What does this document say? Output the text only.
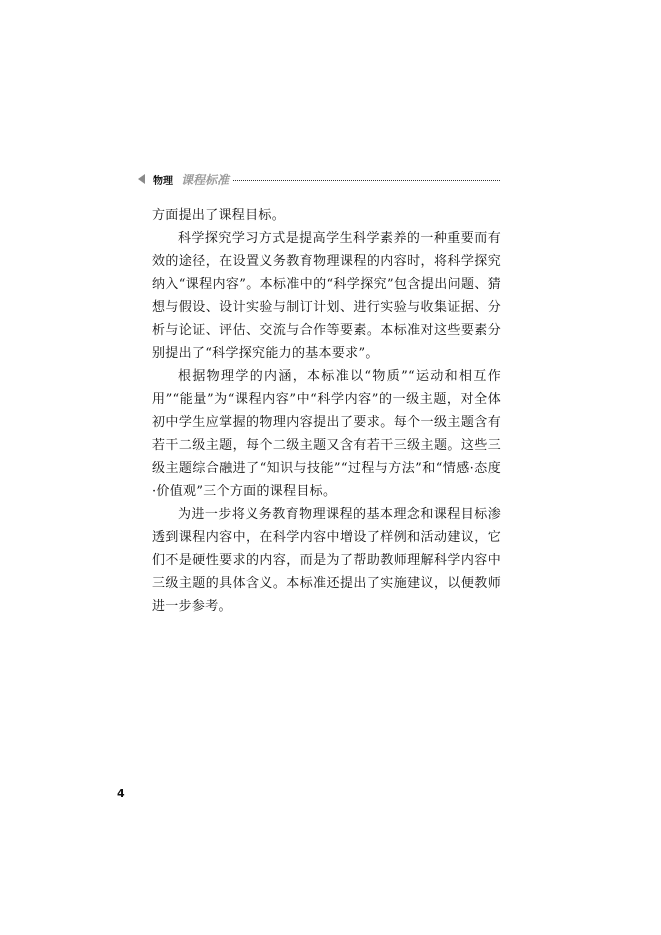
物理 课程标准

方面提出了课程目标。

科学探究学习方式是提高学生科学素养的一种重要而有效的途径，在设置义务教育物理课程的内容时，将科学探究纳入“课程内容”。本标准中的“科学探究”包含提出问题、猜想与假设、设计实验与制订计划、进行实验与收集证据、分析与论证、评估、交流与合作等要素。本标准对这些要素分别提出了“科学探究能力的基本要求”。

根据物理学的内涵，本标准以“物质”“运动和相互作用”“能量”为“课程内容”中“科学内容”的一级主题，对全体初中学生应掌握的物理内容提出了要求。每个一级主题含有若干二级主题，每个二级主题又含有若干三级主题。这些三级主题综合融进了“知识与技能”“过程与方法”和“情感·态度·价值观”三个方面的课程目标。

为进一步将义务教育物理课程的基本理念和课程目标渗透到课程内容中，在科学内容中增设了样例和活动建议，它们不是硬性要求的内容，而是为了帮助教师理解科学内容中三级主题的具体含义。本标准还提出了实施建议，以便教师进一步参考。

4
